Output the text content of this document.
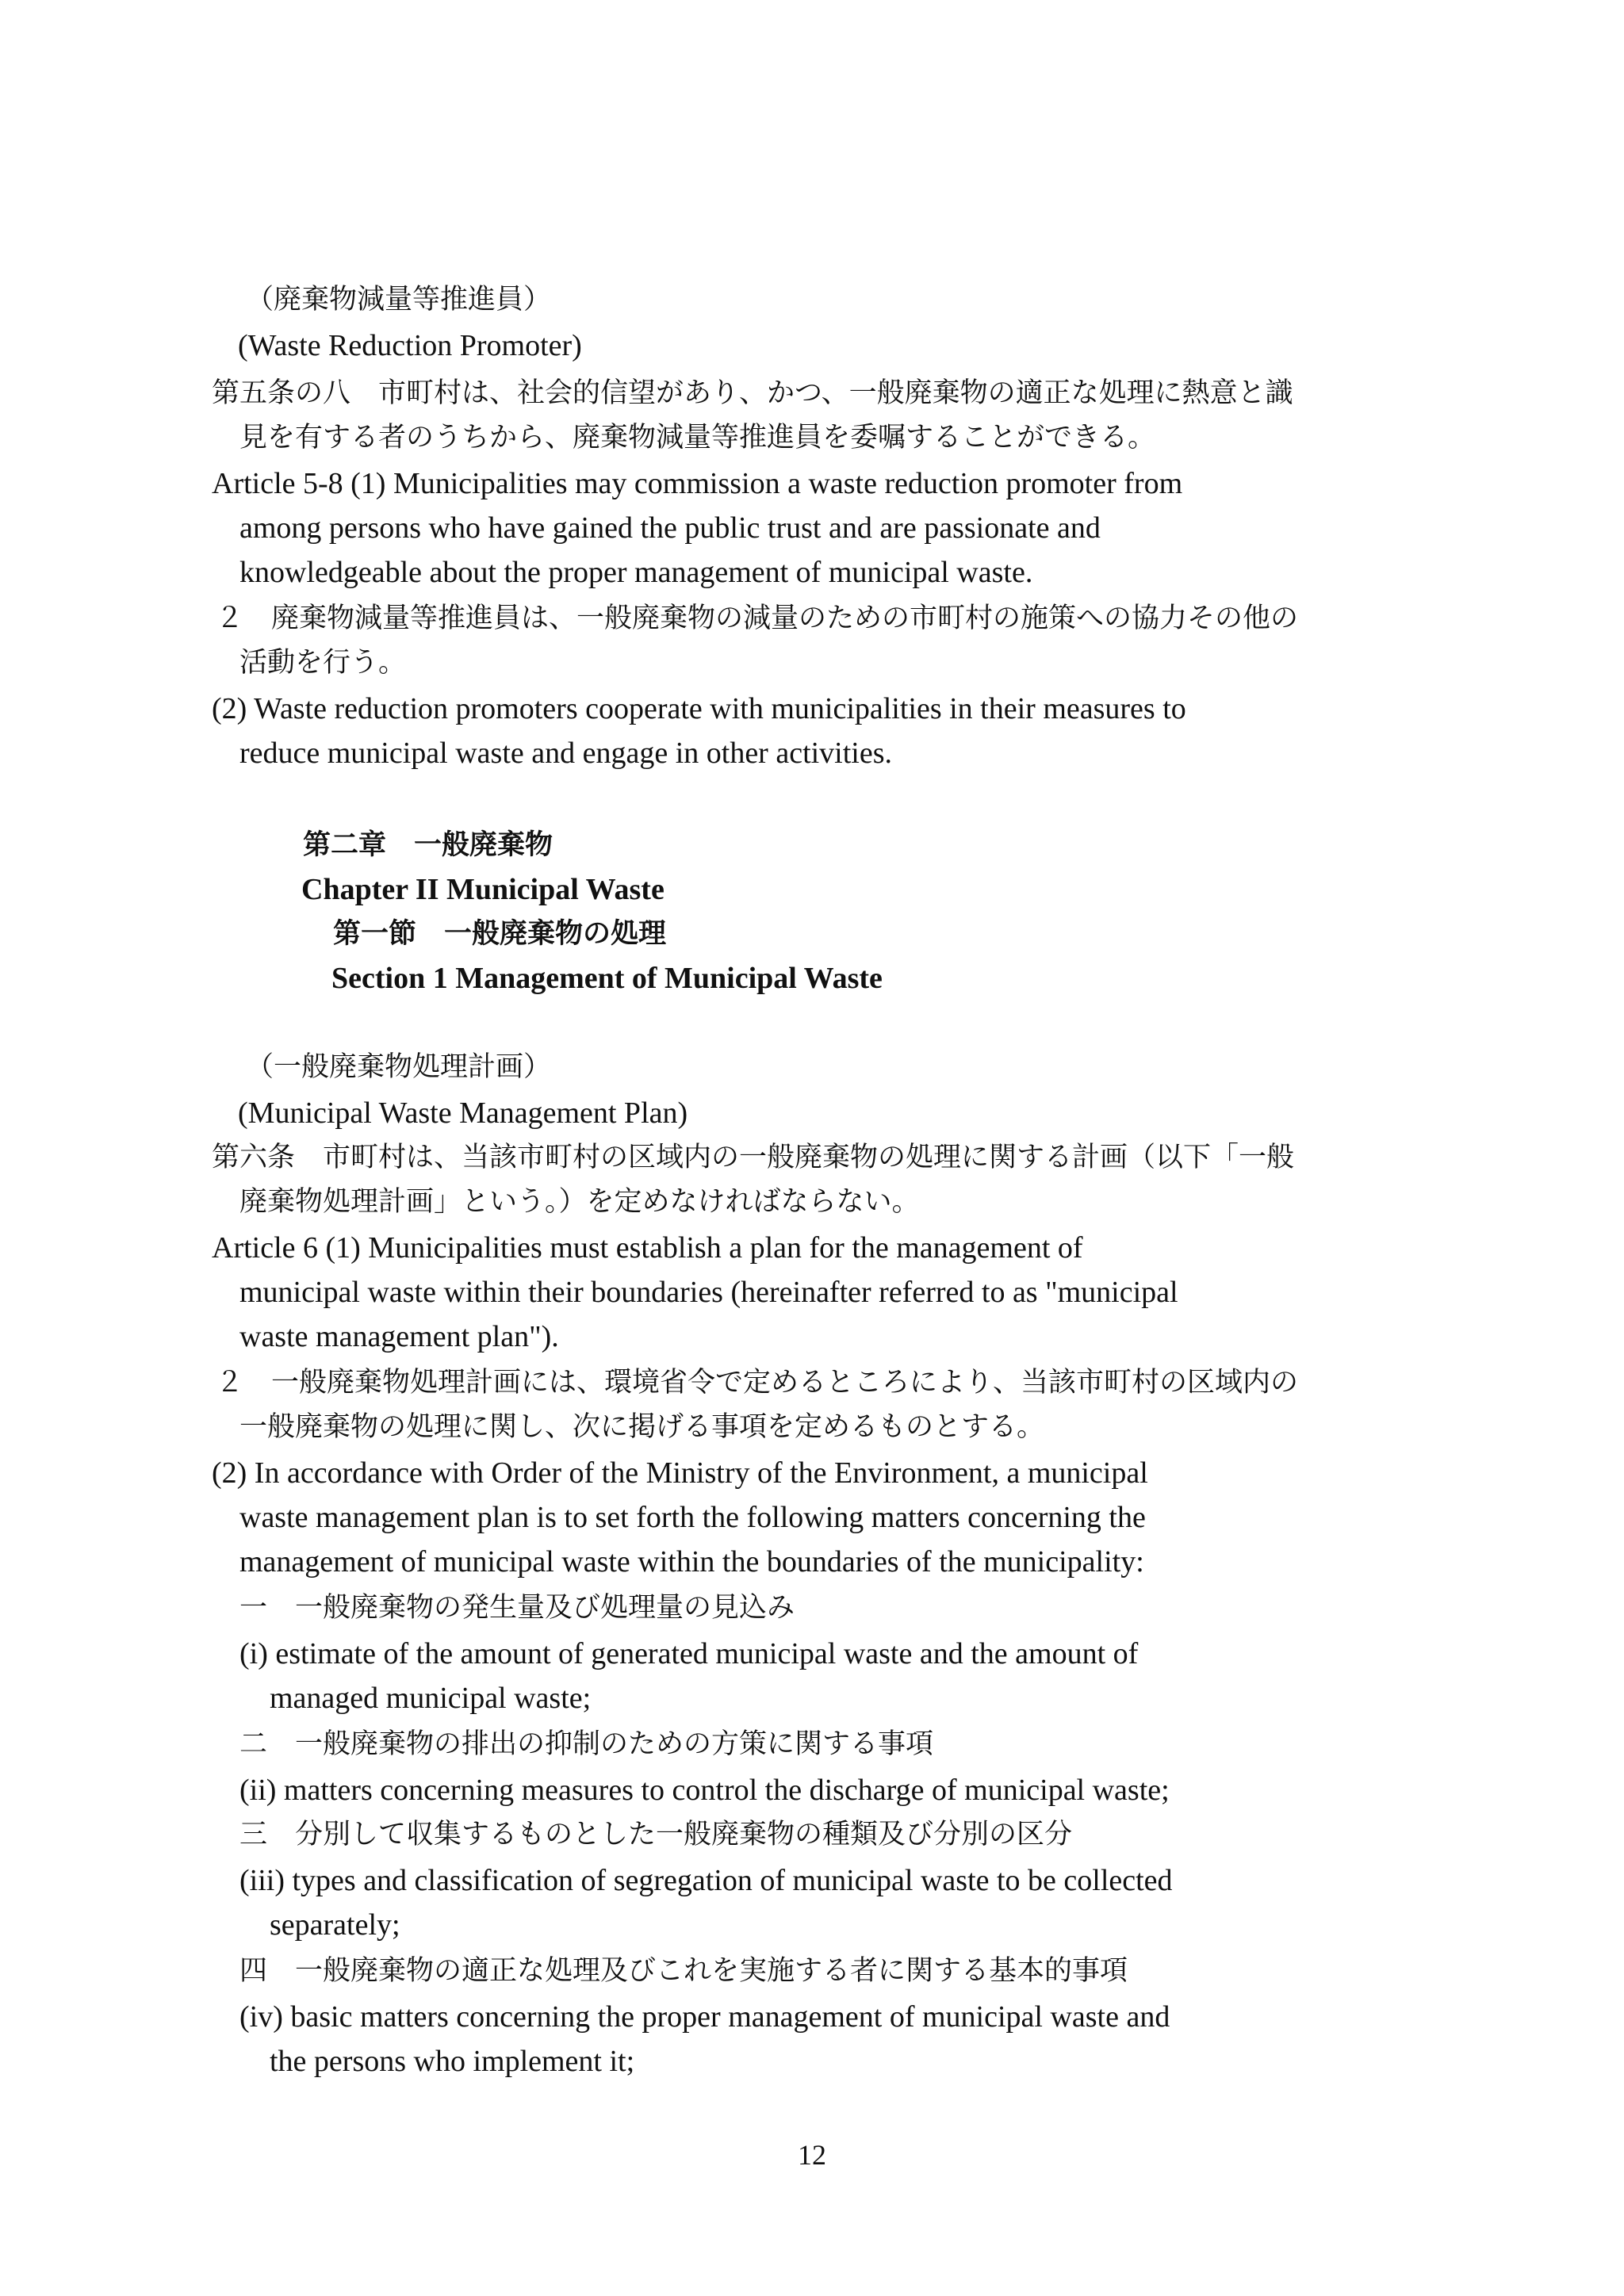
（廃棄物減量等推進員）
(Waste Reduction Promoter)
第五条の八　市町村は、社会的信望があり、かつ、一般廃棄物の適正な処理に熱意と識
見を有する者のうちから、廃棄物減量等推進員を委嘱することができる。
Article 5-8 (1) Municipalities may commission a waste reduction promoter from
among persons who have gained the public trust and are passionate and
knowledgeable about the proper management of municipal waste.
２　廃棄物減量等推進員は、一般廃棄物の減量のための市町村の施策への協力その他の
活動を行う。
(2) Waste reduction promoters cooperate with municipalities in their measures to
reduce municipal waste and engage in other activities.
第二章　一般廃棄物
Chapter II Municipal Waste
第一節　一般廃棄物の処理
Section 1 Management of Municipal Waste
（一般廃棄物処理計画）
(Municipal Waste Management Plan)
第六条　市町村は、当該市町村の区域内の一般廃棄物の処理に関する計画（以下「一般
廃棄物処理計画」という。）を定めなければならない。
Article 6 (1) Municipalities must establish a plan for the management of
municipal waste within their boundaries (hereinafter referred to as "municipal
waste management plan").
２　一般廃棄物処理計画には、環境省令で定めるところにより、当該市町村の区域内の
一般廃棄物の処理に関し、次に掲げる事項を定めるものとする。
(2) In accordance with Order of the Ministry of the Environment, a municipal
waste management plan is to set forth the following matters concerning the
management of municipal waste within the boundaries of the municipality:
一　一般廃棄物の発生量及び処理量の見込み
(i) estimate of the amount of generated municipal waste and the amount of
managed municipal waste;
二　一般廃棄物の排出の抑制のための方策に関する事項
(ii) matters concerning measures to control the discharge of municipal waste;
三　分別して収集するものとした一般廃棄物の種類及び分別の区分
(iii) types and classification of segregation of municipal waste to be collected
separately;
四　一般廃棄物の適正な処理及びこれを実施する者に関する基本的事項
(iv) basic matters concerning the proper management of municipal waste and
the persons who implement it;
12
